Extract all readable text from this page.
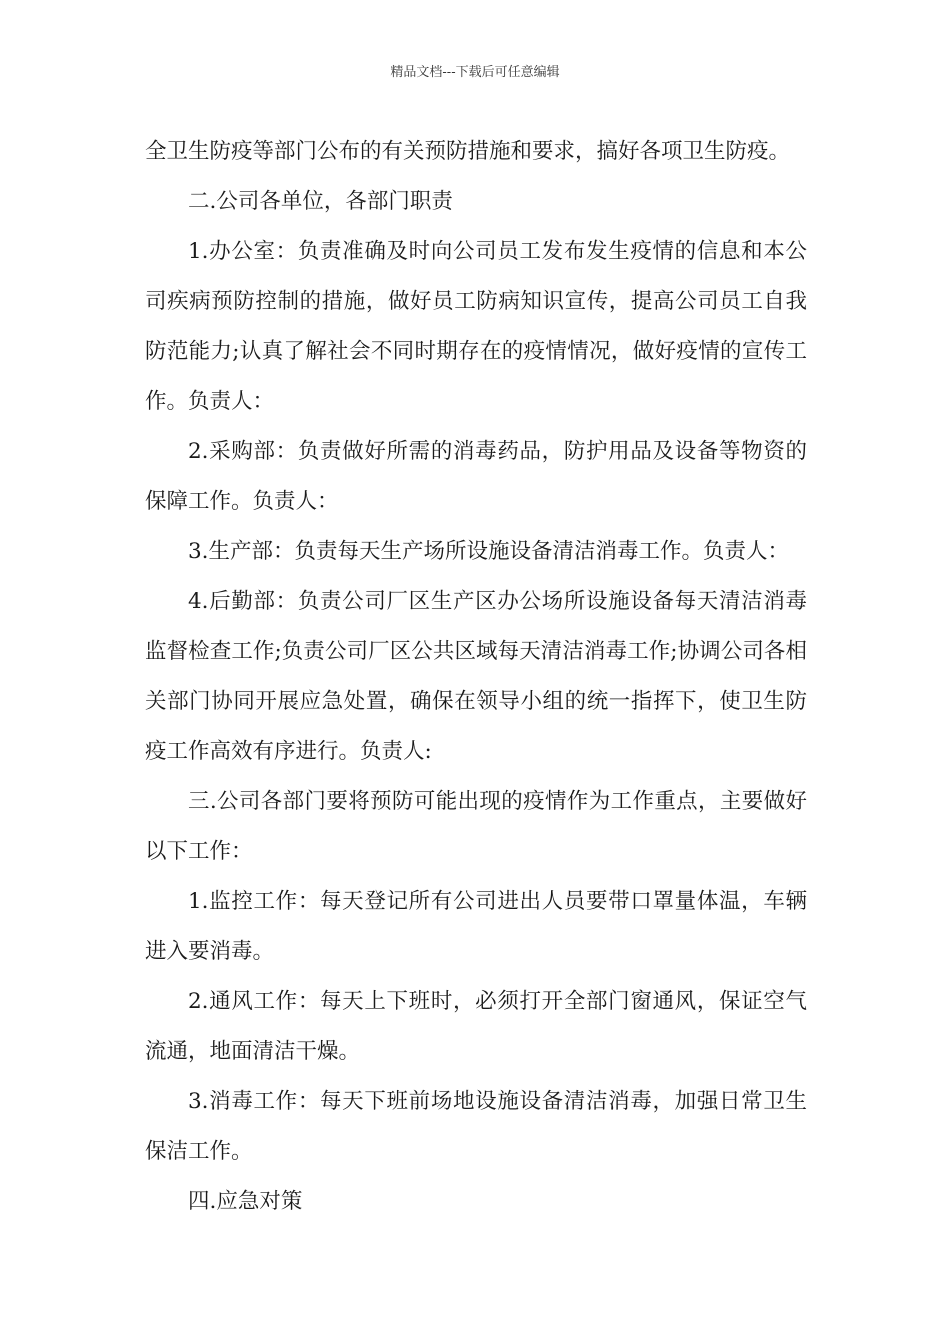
精品文档---下载后可任意编辑

全卫生防疫等部门公布的有关预防措施和要求，搞好各项卫生防疫。

二.公司各单位，各部门职责

1.办公室：负责准确及时向公司员工发布发生疫情的信息和本公司疾病预防控制的措施，做好员工防病知识宣传，提高公司员工自我防范能力;认真了解社会不同时期存在的疫情情况，做好疫情的宣传工作。负责人：

2.采购部：负责做好所需的消毒药品，防护用品及设备等物资的保障工作。负责人：

3.生产部：负责每天生产场所设施设备清洁消毒工作。负责人：

4.后勤部：负责公司厂区生产区办公场所设施设备每天清洁消毒监督检查工作;负责公司厂区公共区域每天清洁消毒工作;协调公司各相关部门协同开展应急处置，确保在领导小组的统一指挥下，使卫生防疫工作高效有序进行。负责人:

三.公司各部门要将预防可能出现的疫情作为工作重点，主要做好以下工作：

1.监控工作：每天登记所有公司进出人员要带口罩量体温，车辆进入要消毒。

2.通风工作：每天上下班时，必须打开全部门窗通风，保证空气流通，地面清洁干燥。

3.消毒工作：每天下班前场地设施设备清洁消毒，加强日常卫生保洁工作。

四.应急对策
